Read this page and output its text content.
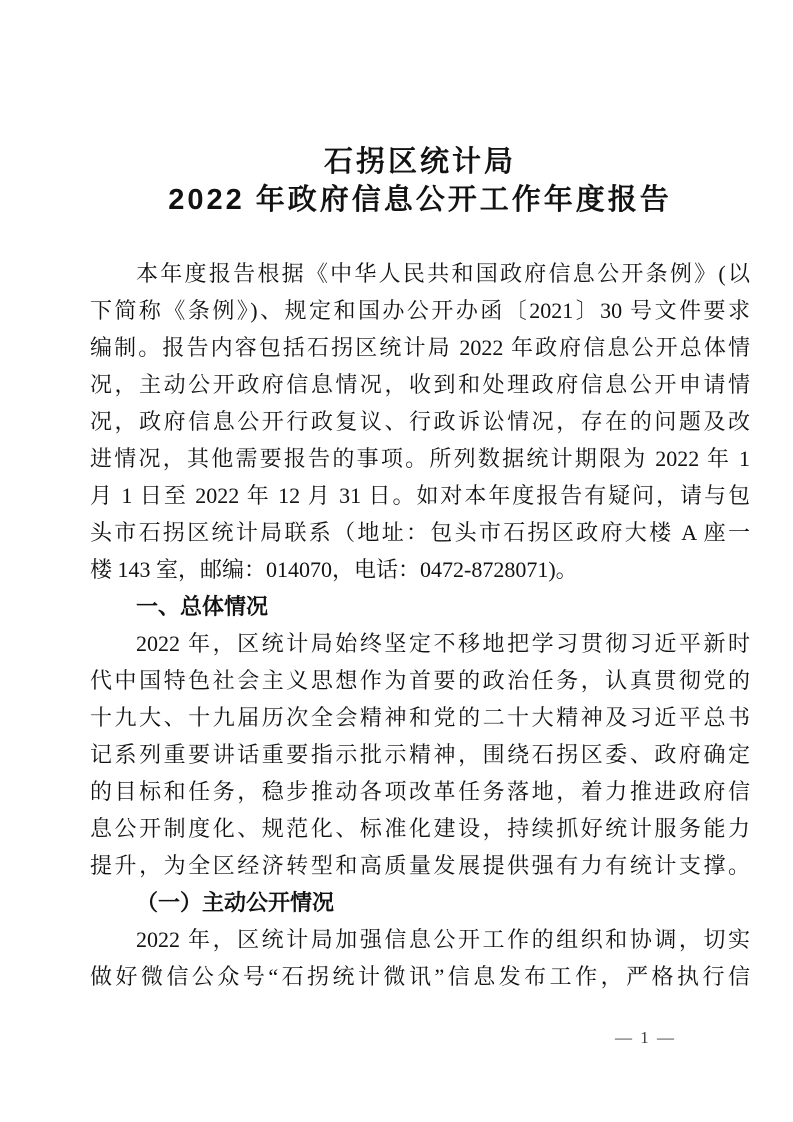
石拐区统计局
2022 年政府信息公开工作年度报告
本年度报告根据《中华人民共和国政府信息公开条例》(以
下简称《条例》)、规定和国办公开办函〔2021〕30 号文件要求
编制。报告内容包括石拐区统计局 2022 年政府信息公开总体情
况，主动公开政府信息情况，收到和处理政府信息公开申请情
况，政府信息公开行政复议、行政诉讼情况，存在的问题及改
进情况，其他需要报告的事项。所列数据统计期限为 2022 年 1
月 1 日至 2022 年 12 月 31 日。如对本年度报告有疑问，请与包
头市石拐区统计局联系（地址：包头市石拐区政府大楼 A 座一
楼 143 室，邮编：014070，电话：0472-8728071)。
一、总体情况
2022 年，区统计局始终坚定不移地把学习贯彻习近平新时
代中国特色社会主义思想作为首要的政治任务，认真贯彻党的
十九大、十九届历次全会精神和党的二十大精神及习近平总书
记系列重要讲话重要指示批示精神，围绕石拐区委、政府确定
的目标和任务，稳步推动各项改革任务落地，着力推进政府信
息公开制度化、规范化、标准化建设，持续抓好统计服务能力
提升，为全区经济转型和高质量发展提供强有力有统计支撑。
（一）主动公开情况
2022 年，区统计局加强信息公开工作的组织和协调，切实
做好微信公众号“石拐统计微讯”信息发布工作，严格执行信
— 1 —
